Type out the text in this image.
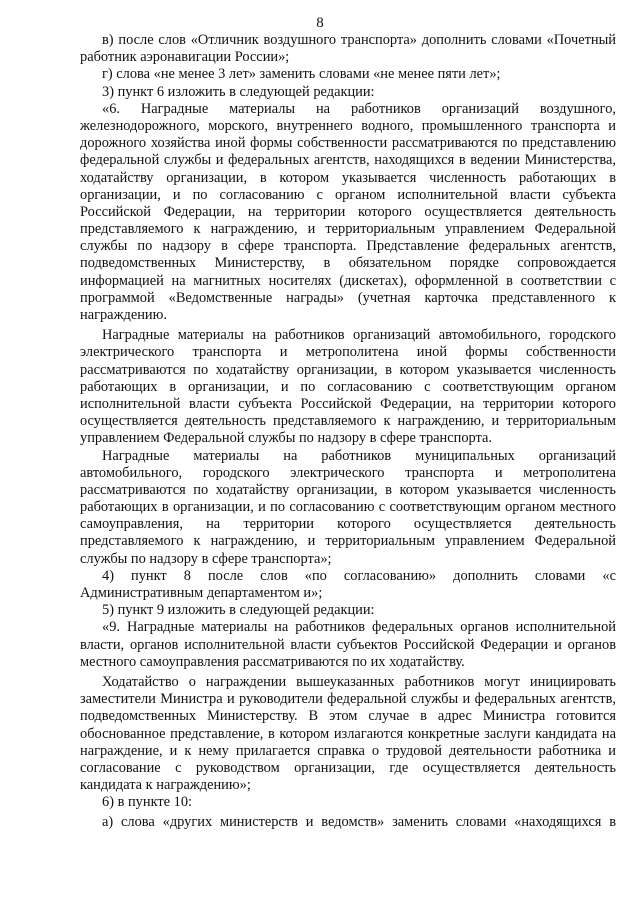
8
в) после слов «Отличник воздушного транспорта» дополнить словами «Почетный
работник аэронавигации России»;
г) слова «не менее 3 лет» заменить словами «не менее пяти лет»;
3) пункт 6 изложить в следующей редакции:
«6. Наградные материалы на работников организаций воздушного,
железнодорожного, морского, внутреннего водного, промышленного транспорта и
дорожного хозяйства иной формы собственности рассматриваются по представлению
федеральной службы и федеральных агентств, находящихся в ведении Министерства,
ходатайству организации, в котором указывается численность работающих в
организации, и по согласованию с органом исполнительной власти субъекта
Российской Федерации, на территории которого осуществляется деятельность
представляемого к награждению, и территориальным управлением Федеральной
службы по надзору в сфере транспорта. Представление федеральных агентств,
подведомственных Министерству, в обязательном порядке сопровождается
информацией на магнитных носителях (дискетах), оформленной в соответствии с
программой «Ведомственные награды» (учетная карточка представленного к
награждению.
Наградные материалы на работников организаций автомобильного, городского
электрического транспорта и метрополитена иной формы собственности
рассматриваются по ходатайству организации, в котором указывается численность
работающих в организации, и по согласованию с соответствующим органом
исполнительной власти субъекта Российской Федерации, на территории которого
осуществляется деятельность представляемого к награждению, и территориальным
управлением Федеральной службы по надзору в сфере транспорта.
Наградные материалы на работников муниципальных организаций
автомобильного, городского электрического транспорта и метрополитена
рассматриваются по ходатайству организации, в котором указывается численность
работающих в организации, и по согласованию с соответствующим органом местного
самоуправления, на территории которого осуществляется деятельность
представляемого к награждению, и территориальным управлением Федеральной
службы по надзору в сфере транспорта»;
4) пункт 8 после слов «по согласованию» дополнить словами «с
Административным департаментом и»;
5) пункт 9 изложить в следующей редакции:
«9. Наградные материалы на работников федеральных органов исполнительной
власти, органов исполнительной власти субъектов Российской Федерации и органов
местного самоуправления рассматриваются по их ходатайству.
Ходатайство о награждении вышеуказанных работников могут инициировать
заместители Министра и руководители федеральной службы и федеральных агентств,
подведомственных Министерству. В этом случае в адрес Министра готовится
обоснованное представление, в котором излагаются конкретные заслуги кандидата на
награждение, и к нему прилагается справка о трудовой деятельности работника и
согласование с руководством организации, где осуществляется деятельность
кандидата к награждению»;
6) в пункте 10:
а) слова «других министерств и ведомств» заменить словами «находящихся в
